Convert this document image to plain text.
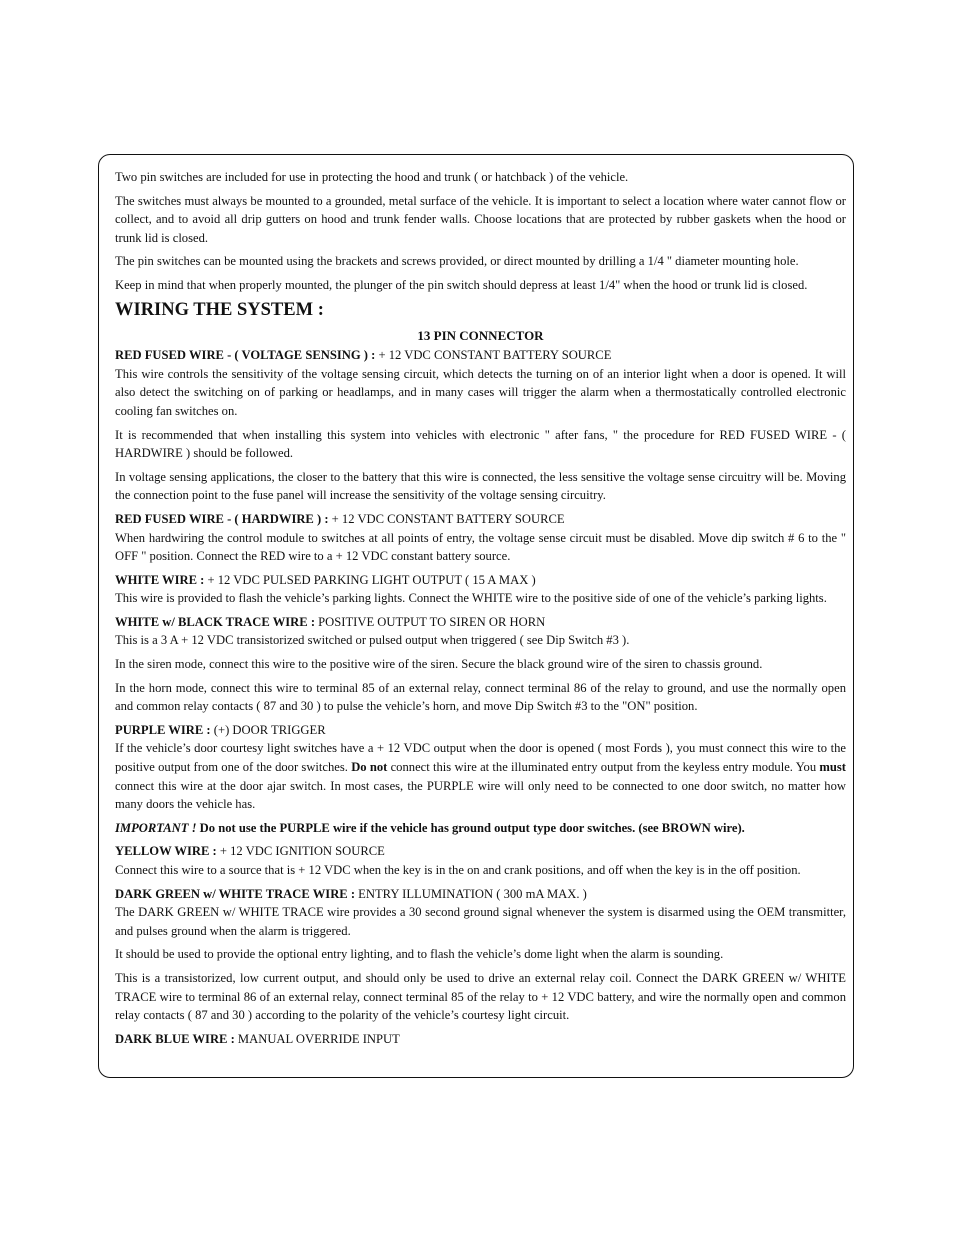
Two pin switches are included for use in protecting the hood and trunk ( or hatchback ) of the vehicle.

The switches must always be mounted to a grounded, metal surface of the vehicle. It is important to select a location where water cannot flow or collect, and to avoid all drip gutters on hood and trunk fender walls. Choose locations that are protected by rubber gaskets when the hood or trunk lid is closed.

The pin switches can be mounted using the brackets and screws provided, or direct mounted by drilling a 1/4 " diameter mounting hole.

Keep in mind that when properly mounted, the plunger of the pin switch should depress at least 1/4" when the hood or trunk lid is closed.

WIRING THE SYSTEM :
13 PIN CONNECTOR
RED FUSED WIRE - ( VOLTAGE SENSING ) : + 12 VDC CONSTANT BATTERY SOURCE

This wire controls the sensitivity of the voltage sensing circuit, which detects the turning on of an interior light when a door is opened. It will also detect the switching on of parking or headlamps, and in many cases will trigger the alarm when a thermostatically controlled electronic cooling fan switches on.

It is recommended that when installing this system into vehicles with electronic " after fans, " the procedure for RED FUSED WIRE - ( HARDWIRE ) should be followed.

In voltage sensing applications, the closer to the battery that this wire is connected, the less sensitive the voltage sense circuitry will be. Moving the connection point to the fuse panel will increase the sensitivity of the voltage sensing circuitry.

RED FUSED WIRE - ( HARDWIRE ) : + 12 VDC CONSTANT BATTERY SOURCE

When hardwiring the control module to switches at all points of entry, the voltage sense circuit must be disabled. Move dip switch # 6 to the " OFF " position. Connect the RED wire to a + 12 VDC constant battery source.

WHITE WIRE : + 12 VDC PULSED PARKING LIGHT OUTPUT ( 15 A MAX )

This wire is provided to flash the vehicle’s parking lights. Connect the WHITE wire to the positive side of one of the vehicle’s parking lights.

WHITE w/ BLACK TRACE WIRE : POSITIVE OUTPUT TO SIREN OR HORN

This is a 3 A + 12 VDC transistorized switched or pulsed output when triggered ( see Dip Switch #3 ).

In the siren mode, connect this wire to the positive wire of the siren. Secure the black ground wire of the siren to chassis ground.

In the horn mode, connect this wire to terminal 85 of an external relay, connect terminal 86 of the relay to ground, and use the normally open and common relay contacts ( 87 and 30 ) to pulse the vehicle’s horn, and move Dip Switch #3 to the "ON" position.

PURPLE WIRE : (+) DOOR TRIGGER

If the vehicle’s door courtesy light switches have a + 12 VDC output when the door is opened ( most Fords ), you must connect this wire to the positive output from one of the door switches. Do not connect this wire at the illuminated entry output from the keyless entry module. You must connect this wire at the door ajar switch. In most cases, the PURPLE wire will only need to be connected to one door switch, no matter how many doors the vehicle has.

IMPORTANT ! Do not use the PURPLE wire if the vehicle has ground output type door switches. (see BROWN wire).

YELLOW WIRE : + 12 VDC IGNITION SOURCE

Connect this wire to a source that is + 12 VDC when the key is in the on and crank positions, and off when the key is in the off position.

DARK GREEN w/ WHITE TRACE WIRE : ENTRY ILLUMINATION ( 300 mA MAX. )

The DARK GREEN w/ WHITE TRACE wire provides a 30 second ground signal whenever the system is disarmed using the OEM transmitter, and pulses ground when the alarm is triggered.

It should be used to provide the optional entry lighting, and to flash the vehicle’s dome light when the alarm is sounding.

This is a transistorized, low current output, and should only be used to drive an external relay coil. Connect the DARK GREEN w/ WHITE TRACE wire to terminal 86 of an external relay, connect terminal 85 of the relay to + 12 VDC battery, and wire the normally open and common relay contacts ( 87 and 30 ) according to the polarity of the vehicle’s courtesy light circuit.

DARK BLUE WIRE : MANUAL OVERRIDE INPUT
